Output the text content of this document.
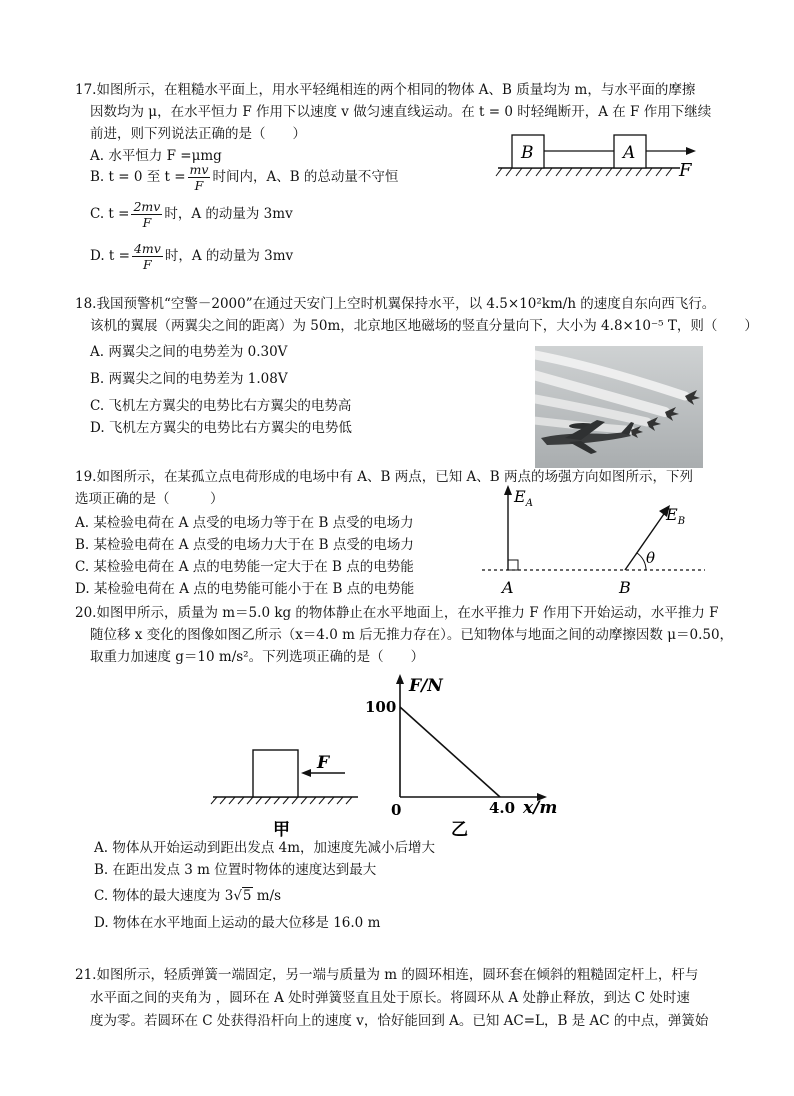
17.如图所示，在粗糙水平面上，用水平轻绳相连的两个相同的物体 A、B 质量均为 m，与水平面的摩擦
因数均为 μ，在水平恒力 F 作用下以速度 v 做匀速直线运动。在 t = 0 时轻绳断开，A 在 F 作用下继续
前进，则下列说法正确的是（　　）
A. 水平恒力 F =μmg
B. t = 0 至 $t = \frac{mv}{F}$ 时间内，A、B 的总动量不守恒
C. $t = \frac{2mv}{F}$ 时，A 的动量为 3mv
D. $t = \frac{4mv}{F}$ 时，A 的动量为 3mv
B	A
F
18.我国预警机“空警－2000”在通过天安门上空时机翼保持水平，以 4.5×10²km/h 的速度自东向西飞行。
该机的翼展（两翼尖之间的距离）为 50m，北京地区地磁场的竖直分量向下，大小为 4.8×10⁻⁵ T，则（　　）
A. 两翼尖之间的电势差为 0.30V
B. 两翼尖之间的电势差为 1.08V
C. 飞机左方翼尖的电势比右方翼尖的电势高
D. 飞机左方翼尖的电势比右方翼尖的电势低
19.如图所示，在某孤立点电荷形成的电场中有 A、B 两点，已知 A、B 两点的场强方向如图所示，下列
选项正确的是（　　　）
A. 某检验电荷在 A 点受的电场力等于在 B 点受的电场力
B. 某检验电荷在 A 点受的电场力大于在 B 点受的电场力
C. 某检验电荷在 A 点的电势能一定大于在 B 点的电势能
D. 某检验电荷在 A 点的电势能可能小于在 B 点的电势能
$E_A$
$E_B$
θ
A	B
20.如图甲所示，质量为 m＝5.0 kg 的物体静止在水平地面上，在水平推力 F 作用下开始运动，水平推力 F
随位移 x 变化的图像如图乙所示（x＝4.0 m 后无推力存在）。已知物体与地面之间的动摩擦因数 μ＝0.50，
取重力加速度 g＝10 m/s²。下列选项正确的是（　　）
F
甲
F/N
100
0	4.0 x/m
乙
A. 物体从开始运动到距出发点 4m，加速度先减小后增大
B. 在距出发点 3 m 位置时物体的速度达到最大
C. 物体的最大速度为 3√5 m/s
D. 物体在水平地面上运动的最大位移是 16.0 m
21.如图所示，轻质弹簧一端固定，另一端与质量为 m 的圆环相连，圆环套在倾斜的粗糙固定杆上，杆与
水平面之间的夹角为 ，圆环在 A 处时弹簧竖直且处于原长。将圆环从 A 处静止释放，到达 C 处时速
度为零。若圆环在 C 处获得沿杆向上的速度 v，恰好能回到 A。已知 AC=L，B 是 AC 的中点，弹簧始
